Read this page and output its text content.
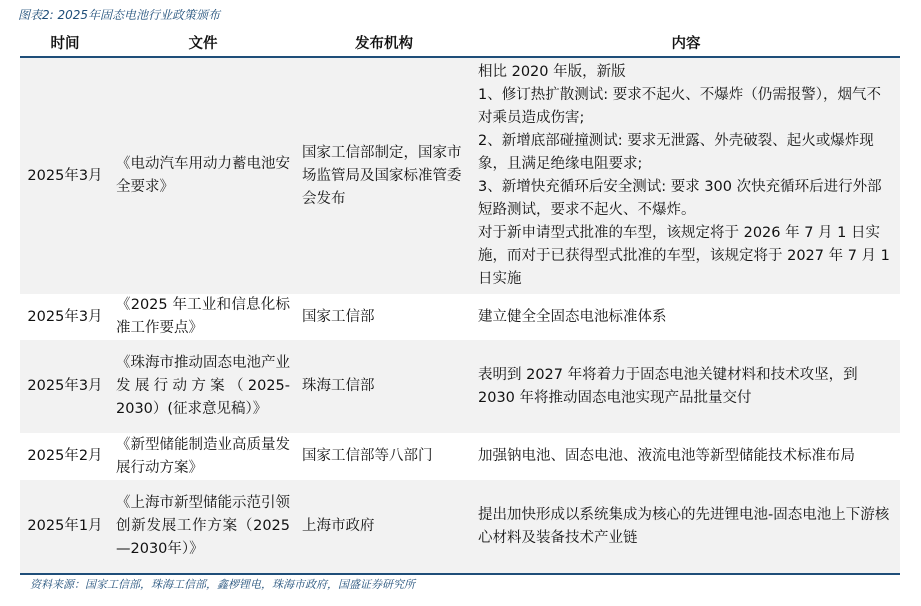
图表2: 2025年固态电池行业政策颁布
时间	文件	发布机构	内容
2025年3月	《电动汽车用动力蓄电池安全要求》	国家工信部制定，国家市场监管局及国家标准管委会发布	相比 2020 年版，新版
1、修订热扩散测试: 要求不起火、不爆炸（仍需报警），烟气不对乘员造成伤害;
2、新增底部碰撞测试: 要求无泄露、外壳破裂、起火或爆炸现象，且满足绝缘电阻要求;
3、新增快充循环后安全测试: 要求 300 次快充循环后进行外部短路测试，要求不起火、不爆炸。
对于新申请型式批准的车型，该规定将于 2026 年 7 月 1 日实施，而对于已获得型式批准的车型，该规定将于 2027 年 7 月 1 日实施

2025年3月	《2025 年工业和信息化标准工作要点》	国家工信部	建立健全全固态电池标准体系

2025年3月	《珠海市推动固态电池产业发展行动方案（2025-2030）(征求意见稿）》	珠海工信部	表明到 2027 年将着力于固态电池关键材料和技术攻坚，到 2030 年将推动固态电池实现产品批量交付

2025年2月	《新型储能制造业高质量发展行动方案》	国家工信部等八部门	加强钠电池、固态电池、液流电池等新型储能技术标准布局

2025年1月	《上海市新型储能示范引领创新发展工作方案（2025—2030年）》	上海市政府	提出加快形成以系统集成为核心的先进锂电池-固态电池上下游核心材料及装备技术产业链
资料来源：国家工信部，珠海工信部，鑫椤锂电，珠海市政府，国盛证券研究所
